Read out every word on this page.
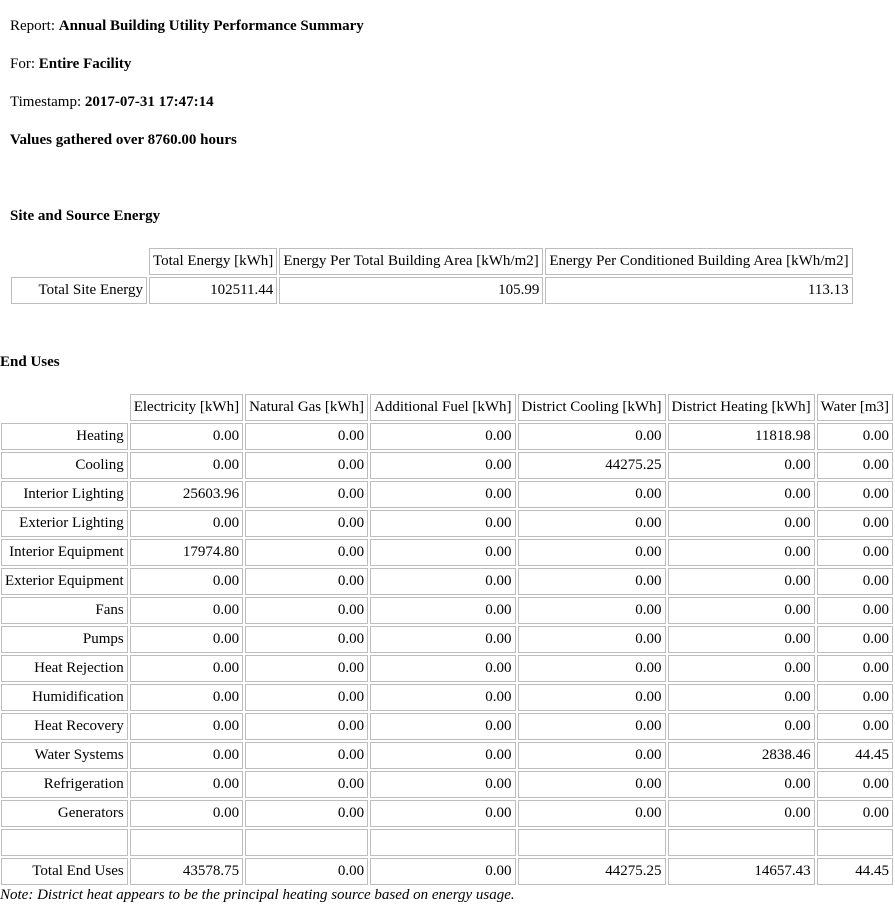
Report: Annual Building Utility Performance Summary
For: Entire Facility
Timestamp: 2017-07-31 17:47:14
Values gathered over 8760.00 hours
Site and Source Energy
	Total Energy [kWh]	Energy Per Total Building Area [kWh/m2]	Energy Per Conditioned Building Area [kWh/m2]
Total Site Energy	102511.44	105.99	113.13
End Uses
	Electricity [kWh]	Natural Gas [kWh]	Additional Fuel [kWh]	District Cooling [kWh]	District Heating [kWh]	Water [m3]
Heating	0.00	0.00	0.00	0.00	11818.98	0.00
Cooling	0.00	0.00	0.00	44275.25	0.00	0.00
Interior Lighting	25603.96	0.00	0.00	0.00	0.00	0.00
Exterior Lighting	0.00	0.00	0.00	0.00	0.00	0.00
Interior Equipment	17974.80	0.00	0.00	0.00	0.00	0.00
Exterior Equipment	0.00	0.00	0.00	0.00	0.00	0.00
Fans	0.00	0.00	0.00	0.00	0.00	0.00
Pumps	0.00	0.00	0.00	0.00	0.00	0.00
Heat Rejection	0.00	0.00	0.00	0.00	0.00	0.00
Humidification	0.00	0.00	0.00	0.00	0.00	0.00
Heat Recovery	0.00	0.00	0.00	0.00	0.00	0.00
Water Systems	0.00	0.00	0.00	0.00	2838.46	44.45
Refrigeration	0.00	0.00	0.00	0.00	0.00	0.00
Generators	0.00	0.00	0.00	0.00	0.00	0.00

Total End Uses	43578.75	0.00	0.00	44275.25	14657.43	44.45
Note: District heat appears to be the principal heating source based on energy usage.
